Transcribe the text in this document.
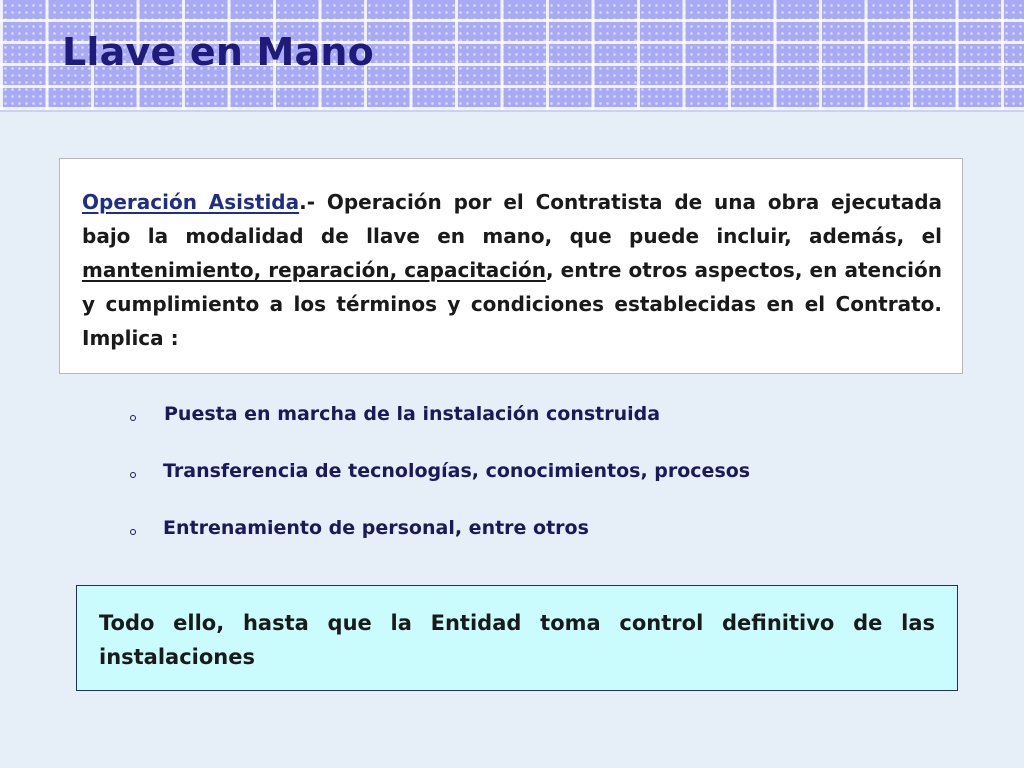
Llave en Mano

Operación Asistida.- Operación por el Contratista de una obra ejecutada bajo la modalidad de llave en mano, que puede incluir, además, el mantenimiento, reparación, capacitación, entre otros aspectos, en atención y cumplimiento a los términos y condiciones establecidas en el Contrato. Implica :

Puesta en marcha de la instalación construida
Transferencia de tecnologías, conocimientos, procesos
Entrenamiento de personal, entre otros

Todo ello, hasta que la Entidad toma control definitivo de las instalaciones
